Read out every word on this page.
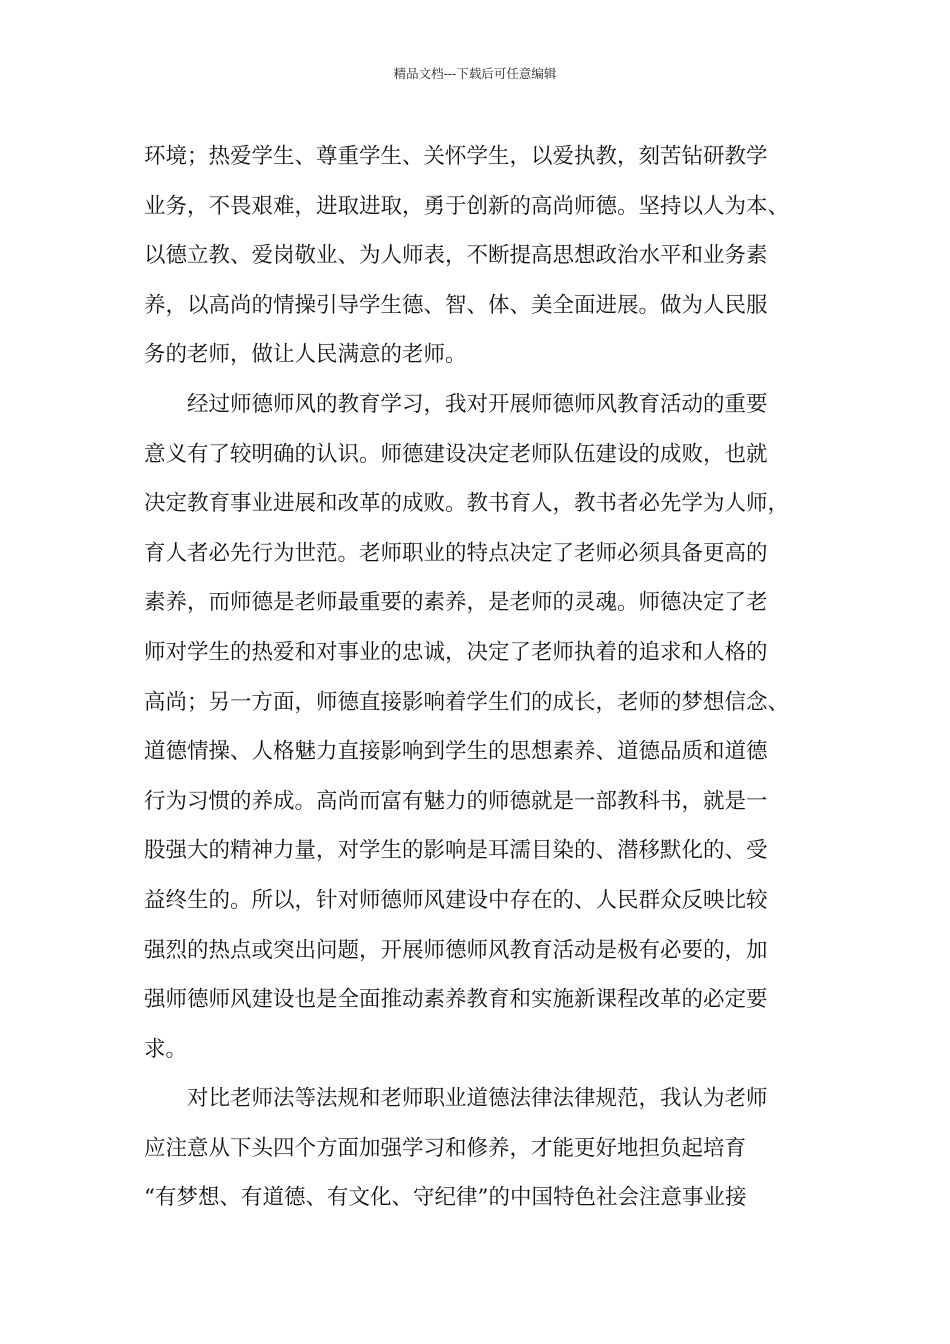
精品文档---下载后可任意编辑
环境；热爱学生、尊重学生、关怀学生，以爱执教，刻苦钻研教学
业务，不畏艰难，进取进取，勇于创新的高尚师德。坚持以人为本、
以德立教、爱岗敬业、为人师表，不断提高思想政治水平和业务素
养，以高尚的情操引导学生德、智、体、美全面进展。做为人民服
务的老师，做让人民满意的老师。
　　经过师德师风的教育学习，我对开展师德师风教育活动的重要
意义有了较明确的认识。师德建设决定老师队伍建设的成败，也就
决定教育事业进展和改革的成败。教书育人，教书者必先学为人师，
育人者必先行为世范。老师职业的特点决定了老师必须具备更高的
素养，而师德是老师最重要的素养，是老师的灵魂。师德决定了老
师对学生的热爱和对事业的忠诚，决定了老师执着的追求和人格的
高尚；另一方面，师德直接影响着学生们的成长，老师的梦想信念、
道德情操、人格魅力直接影响到学生的思想素养、道德品质和道德
行为习惯的养成。高尚而富有魅力的师德就是一部教科书，就是一
股强大的精神力量，对学生的影响是耳濡目染的、潜移默化的、受
益终生的。所以，针对师德师风建设中存在的、人民群众反映比较
强烈的热点或突出问题，开展师德师风教育活动是极有必要的，加
强师德师风建设也是全面推动素养教育和实施新课程改革的必定要
求。
　　对比老师法等法规和老师职业道德法律法律规范，我认为老师
应注意从下头四个方面加强学习和修养，才能更好地担负起培育
“有梦想、有道德、有文化、守纪律”的中国特色社会注意事业接
